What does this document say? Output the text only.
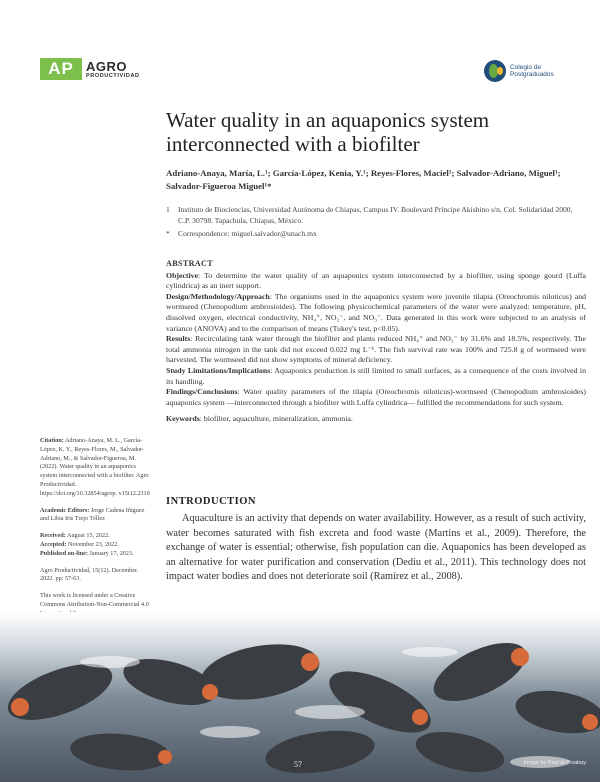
AP AGRO
PRODUCTIVIDAD
Colegio de
Postgraduados
Water quality in an aquaponics system interconnected with a biofilter
Adriano-Anaya, María, L.¹; García-López, Kenia, Y.¹; Reyes-Flores, Maciel¹; Salvador-Adriano, Miguel¹; Salvador-Figueroa Miguel¹*
1	Instituto de Biociencias, Universidad Autónoma de Chiapas, Campus IV. Boulevard Príncipe Akishino s/n, Col. Solidaridad 2000, C.P. 30798. Tapachula, Chiapas, México.
*	Correspondence: miguel.salvador@unach.mx
ABSTRACT

Objective: To determine the water quality of an aquaponics system interconnected by a biofilter, using sponge gourd (Luffa cylindrica) as an inert support.

Design/Methodology/Approach: The organisms used in the aquaponics system were juvenile tilapia (Oreochromis niloticus) and wormseed (Chenopodium ambrosioides). The following physicochemical parameters of the water were analyzed: temperature, pH, dissolved oxygen, electrical conductivity, NH₄⁺, NO₂⁻, and NO₃⁻. Data generated in this work were subjected to an analysis of variance (ANOVA) and to the comparison of means (Tukey's test, p<0.05).

Results: Recirculating tank water through the biofilter and plants reduced NH₄⁺ and NO₃⁻ by 31.6% and 18.5%, respectively. The total ammonia nitrogen in the tank did not exceed 0.022 mg L⁻¹. The fish survival rate was 100% and 725.8 g of wormseed were harvested. The wormseed did not show symptoms of mineral deficiency.

Study Limitations/Implications: Aquaponics production is still limited to small surfaces, as a consequence of the costs involved in its handling.

Findings/Conclusions: Water quality parameters of the tilapia (Oreochromis niloticus)-wormseed (Chenopodium ambrosioides) aquaponics system —interconnected through a biofilter with Luffa cylindrica— fulfilled the recommendations for such system.

Keywords: biofilter, aquaculture, mineralization, ammonia.

Citation: Adriano-Anaya, M. L., García-López, K. Y., Reyes-Flores, M., Salvador-Adriano, M., & Salvador-Figueroa, M. (2022). Water quality in an aquaponics system interconnected with a biofilter. Agro Productividad. https://doi.org/10.32854/agrop. v15i12.2310
Academic Editors: Jorge Cadena Iñiguez and Libia Iris Trejo Téllez
Received: August 15, 2022.
Accepted: November 23, 2022.
Published on-line: January 17, 2023.
Agro Productividad, 15(12). December. 2022. pp: 57-63.
This work is licensed under a Creative Commons Attribution-Non-Commercial 4.0
INTRODUCTION

Aquaculture is an activity that depends on water availability. However, as a result of such activity, water becomes saturated with fish excreta and food waste (Martins et al., 2009). Therefore, the exchange of water is essential; otherwise, fish population can die. Aquaponics has been developed as an alternative for water purification and conservation (Dediu et al., 2011). This technology does not impact water bodies and does not deteriorate soil (Ramírez et al., 2008).

57	Image by Paul at Pixabay
